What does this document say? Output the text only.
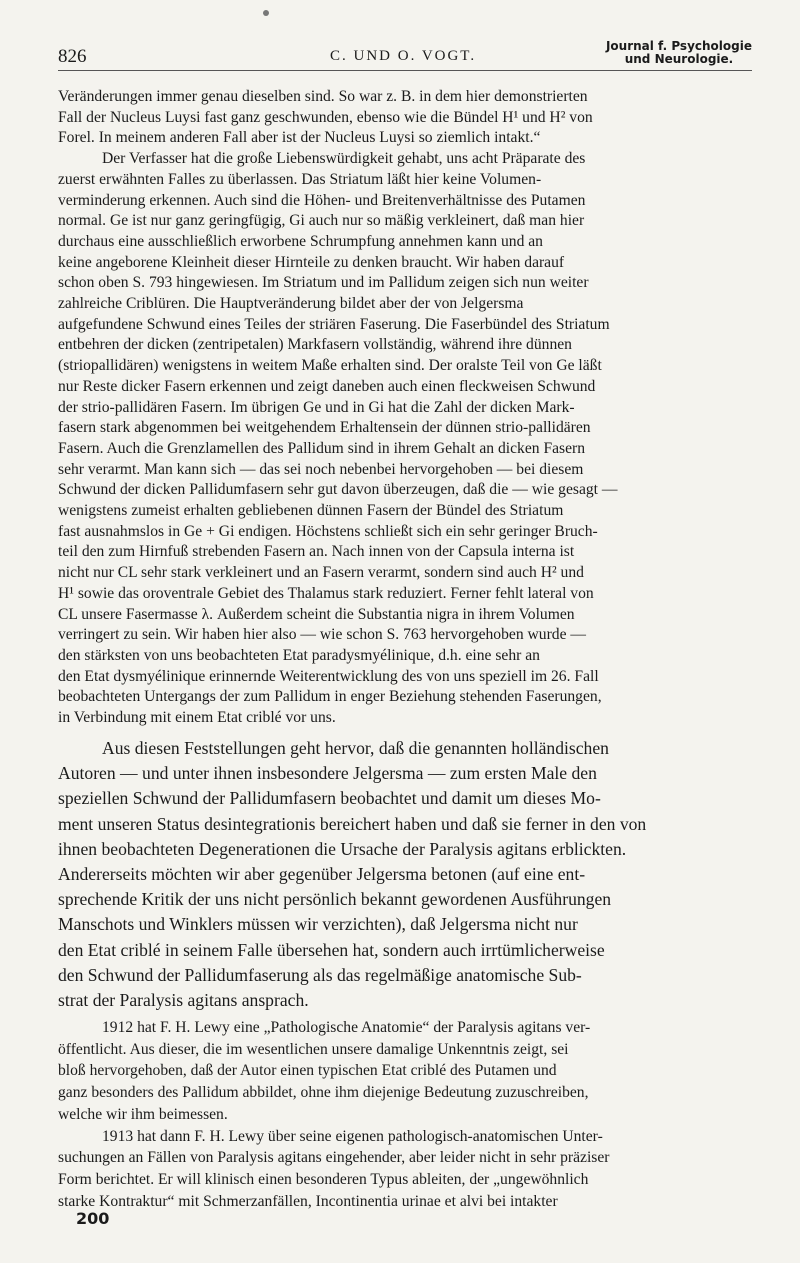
826	C. UND O. VOGT.
Journal f. Psychologie
und Neurologie.
Veränderungen immer genau dieselben sind. So war z. B. in dem hier demonstrierten
Fall der Nucleus Luysi fast ganz geschwunden, ebenso wie die Bündel H¹ und H² von
Forel. In meinem anderen Fall aber ist der Nucleus Luysi so ziemlich intakt.“
Der Verfasser hat die große Liebenswürdigkeit gehabt, uns acht Präparate des
zuerst erwähnten Falles zu überlassen. Das Striatum läßt hier keine Volumen-
verminderung erkennen. Auch sind die Höhen- und Breitenverhältnisse des Putamen
normal. Ge ist nur ganz geringfügig, Gi auch nur so mäßig verkleinert, daß man hier
durchaus eine ausschließlich erworbene Schrumpfung annehmen kann und an
keine angeborene Kleinheit dieser Hirnteile zu denken braucht. Wir haben darauf
schon oben S. 793 hingewiesen. Im Striatum und im Pallidum zeigen sich nun weiter
zahlreiche Criblüren. Die Hauptveränderung bildet aber der von Jelgersma
aufgefundene Schwund eines Teiles der striären Faserung. Die Faserbündel des Striatum
entbehren der dicken (zentripetalen) Markfasern vollständig, während ihre dünnen
(striopallidären) wenigstens in weitem Maße erhalten sind. Der oralste Teil von Ge läßt
nur Reste dicker Fasern erkennen und zeigt daneben auch einen fleckweisen Schwund
der strio-pallidären Fasern. Im übrigen Ge und in Gi hat die Zahl der dicken Mark-
fasern stark abgenommen bei weitgehendem Erhaltensein der dünnen strio-pallidären
Fasern. Auch die Grenzlamellen des Pallidum sind in ihrem Gehalt an dicken Fasern
sehr verarmt. Man kann sich — das sei noch nebenbei hervorgehoben — bei diesem
Schwund der dicken Pallidumfasern sehr gut davon überzeugen, daß die — wie gesagt —
wenigstens zumeist erhalten gebliebenen dünnen Fasern der Bündel des Striatum
fast ausnahmslos in Ge + Gi endigen. Höchstens schließt sich ein sehr geringer Bruch-
teil den zum Hirnfuß strebenden Fasern an. Nach innen von der Capsula interna ist
nicht nur CL sehr stark verkleinert und an Fasern verarmt, sondern sind auch H² und
H¹ sowie das oroventrale Gebiet des Thalamus stark reduziert. Ferner fehlt lateral von
CL unsere Fasermasse λ. Außerdem scheint die Substantia nigra in ihrem Volumen
verringert zu sein. Wir haben hier also — wie schon S. 763 hervorgehoben wurde —
den stärksten von uns beobachteten Etat paradysmyélinique, d.h. eine sehr an
den Etat dysmyélinique erinnernde Weiterentwicklung des von uns speziell im 26. Fall
beobachteten Untergangs der zum Pallidum in enger Beziehung stehenden Faserungen,
in Verbindung mit einem Etat criblé vor uns.
Aus diesen Feststellungen geht hervor, daß die genannten holländischen
Autoren — und unter ihnen insbesondere Jelgersma — zum ersten Male den
speziellen Schwund der Pallidumfasern beobachtet und damit um dieses Mo-
ment unseren Status desintegrationis bereichert haben und daß sie ferner in den von
ihnen beobachteten Degenerationen die Ursache der Paralysis agitans erblickten.
Andererseits möchten wir aber gegenüber Jelgersma betonen (auf eine ent-
sprechende Kritik der uns nicht persönlich bekannt gewordenen Ausführungen
Manschots und Winklers müssen wir verzichten), daß Jelgersma nicht nur
den Etat criblé in seinem Falle übersehen hat, sondern auch irrtümlicherweise
den Schwund der Pallidumfaserung als das regelmäßige anatomische Sub-
strat der Paralysis agitans ansprach.
1912 hat F. H. Lewy eine „Pathologische Anatomie“ der Paralysis agitans ver-
öffentlicht. Aus dieser, die im wesentlichen unsere damalige Unkenntnis zeigt, sei
bloß hervorgehoben, daß der Autor einen typischen Etat criblé des Putamen und
ganz besonders des Pallidum abbildet, ohne ihm diejenige Bedeutung zuzuschreiben,
welche wir ihm beimessen.
1913 hat dann F. H. Lewy über seine eigenen pathologisch-anatomischen Unter-
suchungen an Fällen von Paralysis agitans eingehender, aber leider nicht in sehr präziser
Form berichtet. Er will klinisch einen besonderen Typus ableiten, der „ungewöhnlich
starke Kontraktur“ mit Schmerzanfällen, Incontinentia urinae et alvi bei intakter
200
